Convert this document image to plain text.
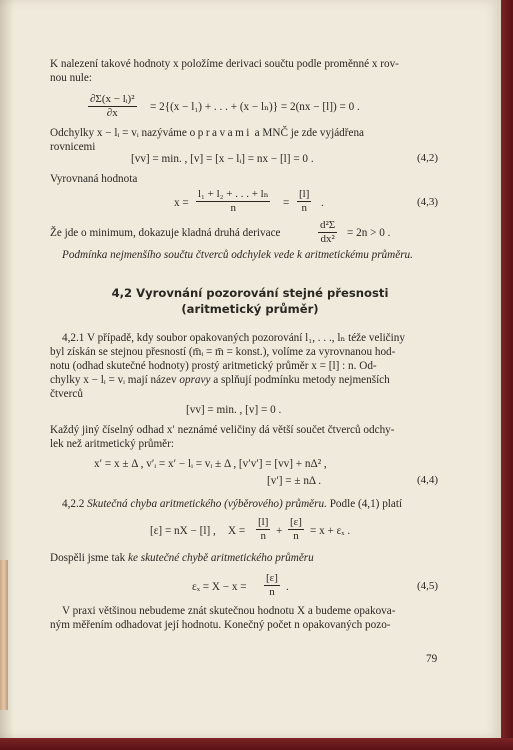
K nalezení takové hodnoty x položíme derivaci součtu podle proměnné x rov-

nou nule:

$\frac{\text{∂Σ(x − lᵢ)²}}{\partial x} = 2\{(x - l_1)$ + . . . + (x − lₙ)} = 2(nx − [l]) = 0 .

Odchylky x − lᵢ = vᵢ nazýváme opravami a MNČ je zde vyjádřena

rovnicemi

[vv] = min. , [v] = [x − lᵢ] = nx − [l] = 0 .	(4,2)

Vyrovnaná hodnota

$x = \frac{\text{l₁ + l₂ + . . . + lₙ}}{n} = \frac{[l]}{n}$ .	(4,3)

Že jde o minimum, dokazuje kladná druhá derivace	$\frac{\text{d²Σ}}{\text{dx²}} = 2n > 0$ .

Podmínka nejmenšího součtu čtverců odchylek vede k aritmetickému průměru.

4,2 Vyrovnání pozorování stejné přesnosti

(aritmetický průměr)

4,2.1 V případě, kdy soubor opakovaných pozorování l₁, . . ., lₙ téže veličiny

byl získán se stejnou přesností (m̄ᵢ = m̄ = konst.), volíme za vyrovnanou hod-

notu (odhad skutečné hodnoty) prostý aritmetický průměr x = [l] : n. Od-

chylky x − lᵢ = vᵢ mají název opravy a splňují podmínku metody nejmenších

čtverců

[vv] = min. , [v] = 0 .

Každý jiný číselný odhad x′ neznámé veličiny dá větší součet čtverců odchy-

lek než aritmetický průměr:

x′ = x ± Δ , v′ᵢ = x′ − lᵢ = vᵢ ± Δ , [v′v′] = [vv] + nΔ² ,

[v′] = ± nΔ .	(4,4)

4,2.2 Skutečná chyba aritmetického (výběrového) průměru. Podle (4,1) platí

[ε] = nX − [l] , $X = \frac{[l]}{n} + \frac{[\varepsilon]}{n} = x + \varepsilon_x$ .

Dospěli jsme tak ke skutečné chybě aritmetického průměru

$\varepsilon_x = X - x = \frac{[\varepsilon]}{n}$ .	(4,5)

V praxi většinou nebudeme znát skutečnou hodnotu X a budeme opakova-

ným měřením odhadovat její hodnotu. Konečný počet n opakovaných pozo-

79
